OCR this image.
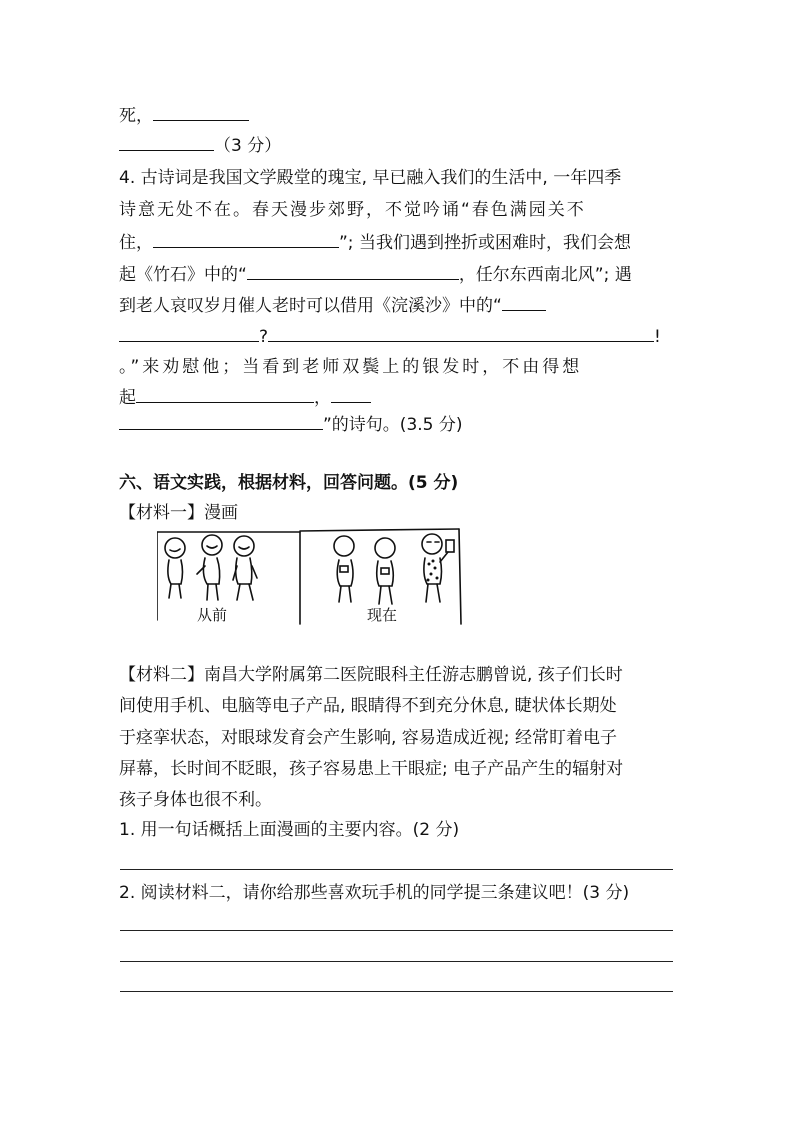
死，
（3 分）
4. 古诗词是我国文学殿堂的瑰宝, 早已融入我们的生活中, 一年四季
诗意无处不在。春天漫步郊野，不觉吟诵“春色满园关不
住，	”; 当我们遇到挫折或困难时，我们会想
起《竹石》中的“	，任尔东西南北风”; 遇
到老人哀叹岁月催人老时可以借用《浣溪沙》中的“
?	!
。”来劝慰他；当看到老师双鬓上的银发时，不由得想
起	，
”的诗句。(3.5 分)
六、语文实践，根据材料，回答问题。(5 分)
【材料一】漫画
从前	现在
【材料二】南昌大学附属第二医院眼科主任游志鹏曾说, 孩子们长时
间使用手机、电脑等电子产品, 眼睛得不到充分休息, 睫状体长期处
于痉挛状态，对眼球发育会产生影响, 容易造成近视; 经常盯着电子
屏幕，长时间不眨眼，孩子容易患上干眼症; 电子产品产生的辐射对
孩子身体也很不利。
1. 用一句话概括上面漫画的主要内容。(2 分)
2. 阅读材料二，请你给那些喜欢玩手机的同学提三条建议吧！(3 分)
